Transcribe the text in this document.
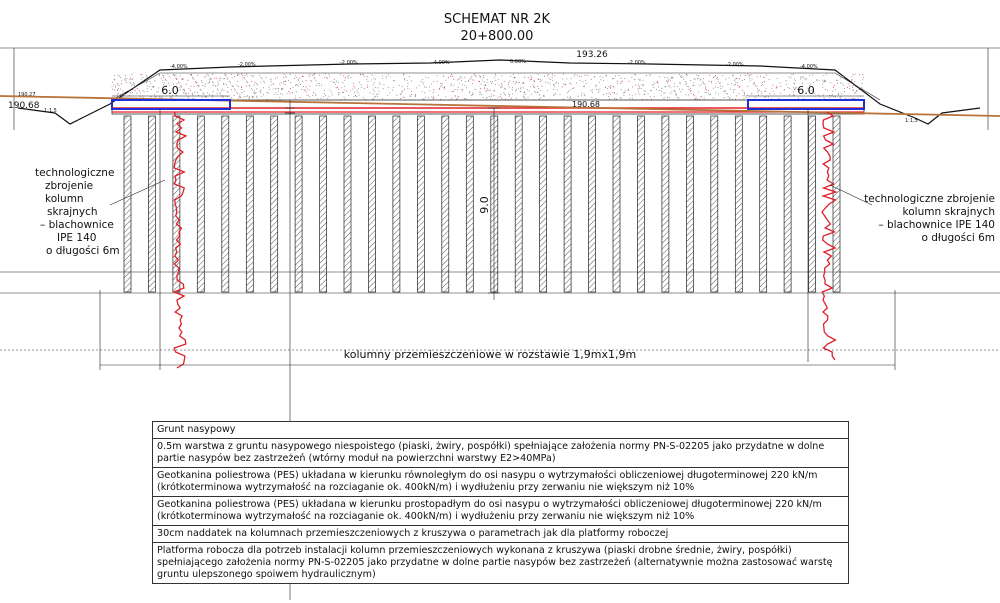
SCHEMAT NR 2K
20+800.00
6.0	6.0
193.26
190.68	190.68
190.27
1:1,5
1:1,5
-4.00%	-2.00%	-2.00%	-4.00%	0.00%	-2.00%	-2.00%	-4.00%
9.0
kolumny przemieszczeniowe w rozstawie 1,9mx1,9m
technologiczne
zbrojenie
kolumn
skrajnych
– blachownice
IPE 140
o długości 6m
technologiczne zbrojenie
kolumn skrajnych
– blachownice IPE 140
o długości 6m
Grunt nasypowy
0.5m warstwa z gruntu nasypowego niespoistego (piaski, żwiry, pospółki) spełniające założenia normy PN-S-02205 jako przydatne w dolne partie nasypów bez zastrzeżeń (wtórny moduł na powierzchni warstwy E2>40MPa)
Geotkanina poliestrowa (PES) układana w kierunku równoległym do osi nasypu o wytrzymałości obliczeniowej długoterminowej 220 kN/m (krótkoterminowa wytrzymałość na rozciaganie ok. 400kN/m) i wydłużeniu przy zerwaniu nie większym niż 10%
Geotkanina poliestrowa (PES) układana w kierunku prostopadłym do osi nasypu o wytrzymałości obliczeniowej długoterminowej 220 kN/m (krótkoterminowa wytrzymałość na rozciaganie ok. 400kN/m) i wydłużeniu przy zerwaniu nie większym niż 10%
30cm naddatek na kolumnach przemieszczeniowych z kruszywa o parametrach jak dla platformy roboczej
Platforma robocza dla potrzeb instalacji kolumn przemieszczeniowych wykonana z kruszywa (piaski drobne średnie, żwiry, pospółki) spełniającego założenia normy PN-S-02205 jako przydatne w dolne partie nasypów bez zastrzeżeń (alternatywnie można zastosować warstę gruntu ulepszonego spoiwem hydraulicznym)
